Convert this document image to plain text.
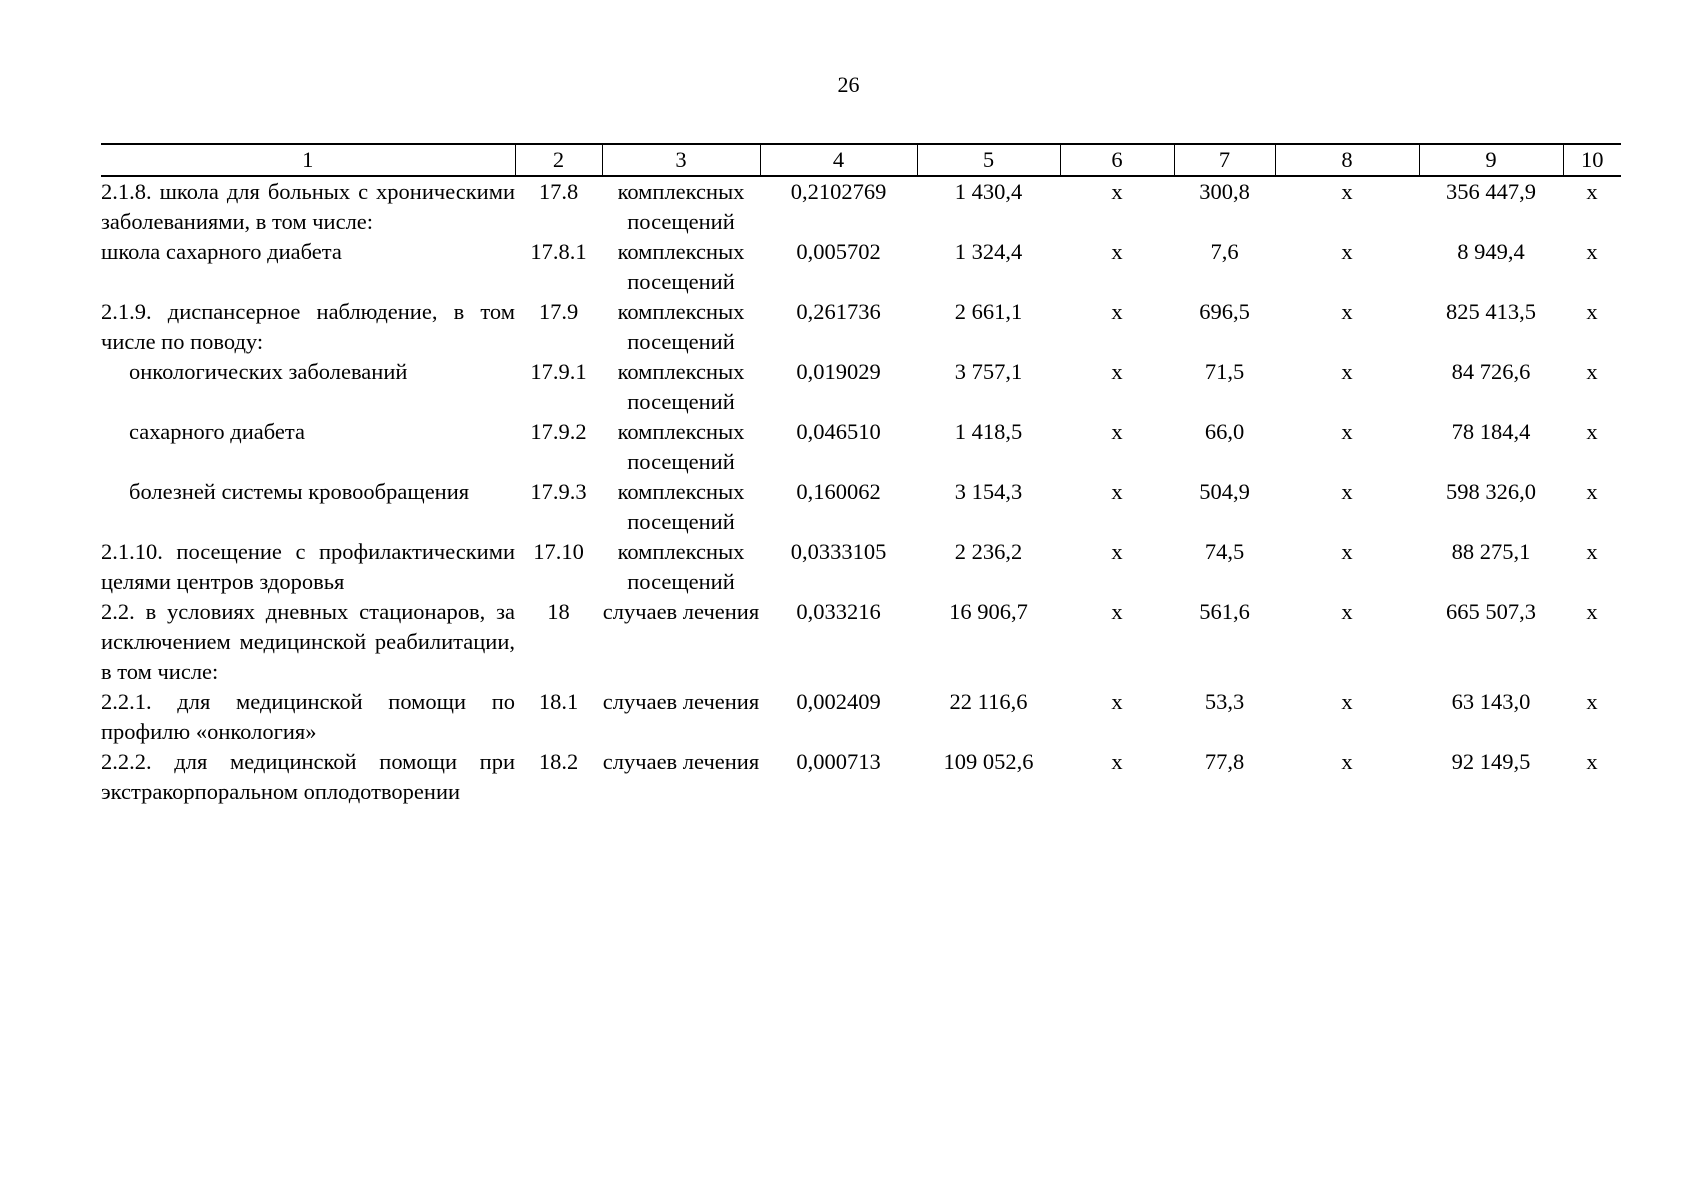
26
1	2	3	4	5	6	7	8	9	10
2.1.8. школа для больных с хроническими заболеваниями, в том числе:	17.8	комплексных посещений	0,2102769	1 430,4	х	300,8	х	356 447,9	х
школа сахарного диабета	17.8.1	комплексных посещений	0,005702	1 324,4	х	7,6	х	8 949,4	х
2.1.9. диспансерное наблюдение, в том числе по поводу:	17.9	комплексных посещений	0,261736	2 661,1	х	696,5	х	825 413,5	х
онкологических заболеваний	17.9.1	комплексных посещений	0,019029	3 757,1	х	71,5	х	84 726,6	х
сахарного диабета	17.9.2	комплексных посещений	0,046510	1 418,5	х	66,0	х	78 184,4	х
болезней системы кровообращения	17.9.3	комплексных посещений	0,160062	3 154,3	х	504,9	х	598 326,0	х
2.1.10. посещение с профилактическими целями центров здоровья	17.10	комплексных посещений	0,0333105	2 236,2	х	74,5	х	88 275,1	х
2.2. в условиях дневных стационаров, за исключением медицинской реабилитации, в том числе:	18	случаев лечения	0,033216	16 906,7	х	561,6	х	665 507,3	х
2.2.1. для медицинской помощи по профилю «онкология»	18.1	случаев лечения	0,002409	22 116,6	х	53,3	х	63 143,0	х
2.2.2. для медицинской помощи при экстракорпоральном оплодотворении	18.2	случаев лечения	0,000713	109 052,6	х	77,8	х	92 149,5	х
